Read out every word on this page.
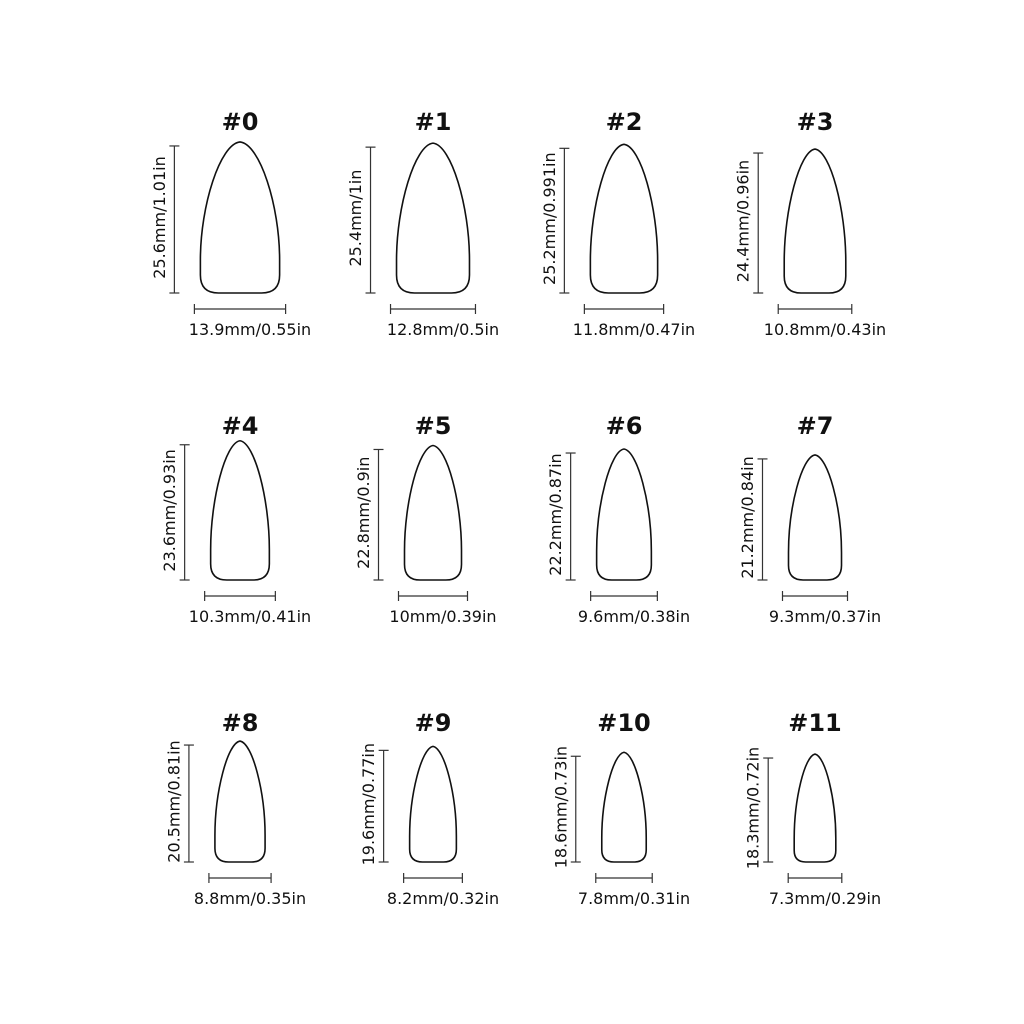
#0
25.6mm/1.01in
13.9mm/0.55in
#1
25.4mm/1in
12.8mm/0.5in
#2
25.2mm/0.991in
11.8mm/0.47in
#3
24.4mm/0.96in
10.8mm/0.43in
#4
23.6mm/0.93in
10.3mm/0.41in
#5
22.8mm/0.9in
10mm/0.39in
#6
22.2mm/0.87in
9.6mm/0.38in
#7
21.2mm/0.84in
9.3mm/0.37in
#8
20.5mm/0.81in
8.8mm/0.35in
#9
19.6mm/0.77in
8.2mm/0.32in
#10
18.6mm/0.73in
7.8mm/0.31in
#11
18.3mm/0.72in
7.3mm/0.29in
